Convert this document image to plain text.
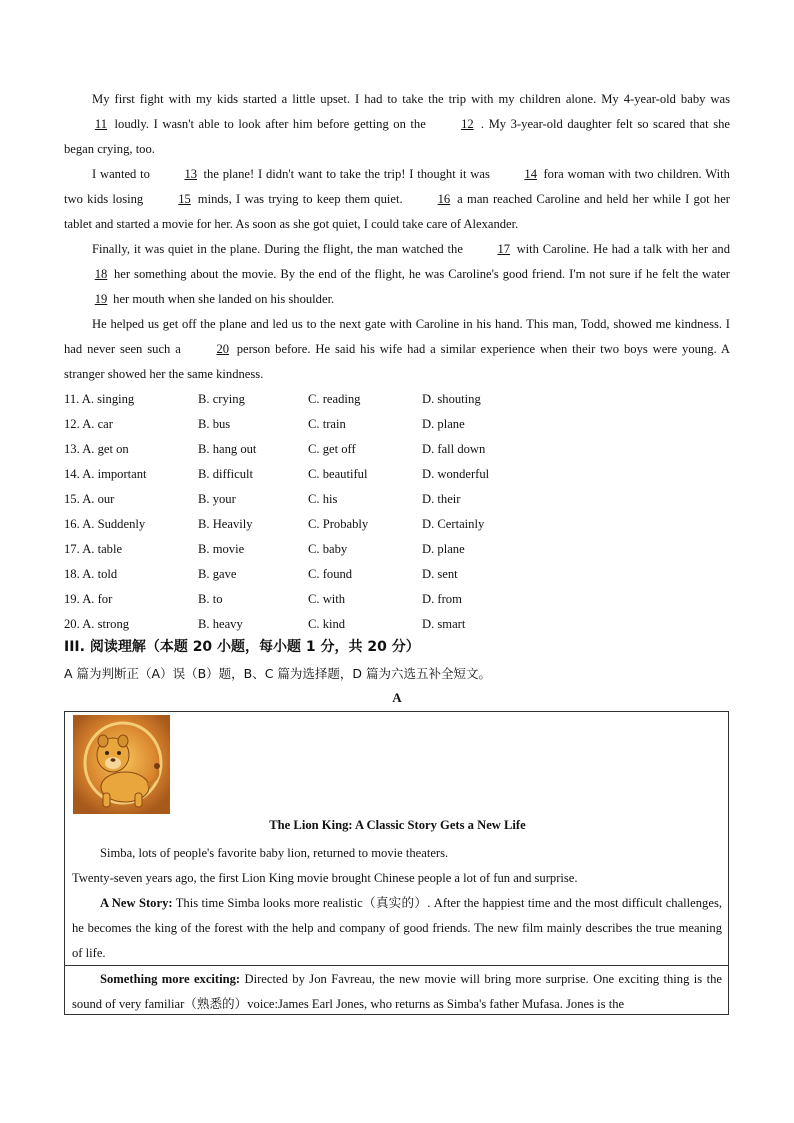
My first fight with my kids started a little upset. I had to take the trip with my children alone. My 4-year-old baby was 11 loudly. I wasn't able to look after him before getting on the	12 . My 3-year-old daughter felt so scared that she began crying, too.

I wanted to	13 the plane! I didn't want to take the trip! I thought it was	14 fora woman with two children. With two kids losing	15 minds, I was trying to keep them quiet.	16 a man reached Caroline and held her while I got her tablet and started a movie for her. As soon as she got quiet, I could take care of Alexander.

Finally, it was quiet in the plane. During the flight, the man watched the	17 with Caroline. He had a talk with her and 18 her something about the movie. By the end of the flight, he was Caroline's good friend. I'm not sure if he felt the water 19 her mouth when she landed on his shoulder.

He helped us get off the plane and led us to the next gate with Caroline in his hand. This man, Todd, showed me kindness. I had never seen such a	20 person before. He said his wife had a similar experience when their two boys were young. A stranger showed her the same kindness.

11. A. singing	B. crying	C. reading	D. shouting
12. A. car	B. bus	C. train	D. plane
13. A. get on	B. hang out	C. get off	D. fall down
14. A. important	B. difficult	C. beautiful	D. wonderful
15. A. our	B. your	C. his	D. their
16. A. Suddenly	B. Heavily	C. Probably	D. Certainly
17. A. table	B. movie	C. baby	D. plane
18. A. told	B. gave	C. found	D. sent
19. A. for	B. to	C. with	D. from
20. A. strong	B. heavy	C. kind	D. smart
III. 阅读理解（本题 20 小题，每小题 1 分，共 20 分）
A 篇为判断正（A）误（B）题，B、C 篇为选择题，D 篇为六选五补全短文。
A
The Lion King: A Classic Story Gets a New Life

Simba, lots of people's favorite baby lion, returned to movie theaters.

Twenty-seven years ago, the first Lion King movie brought Chinese people a lot of fun and surprise.

A New Story: This time Simba looks more realistic（真实的）. After the happiest time and the most difficult challenges, he becomes the king of the forest with the help and company of good friends. The new film mainly describes the true meaning of life.

Something more exciting: Directed by Jon Favreau, the new movie will bring more surprise. One exciting thing is the sound of very familiar（熟悉的）voice:James Earl Jones, who returns as Simba's father Mufasa. Jones is the
